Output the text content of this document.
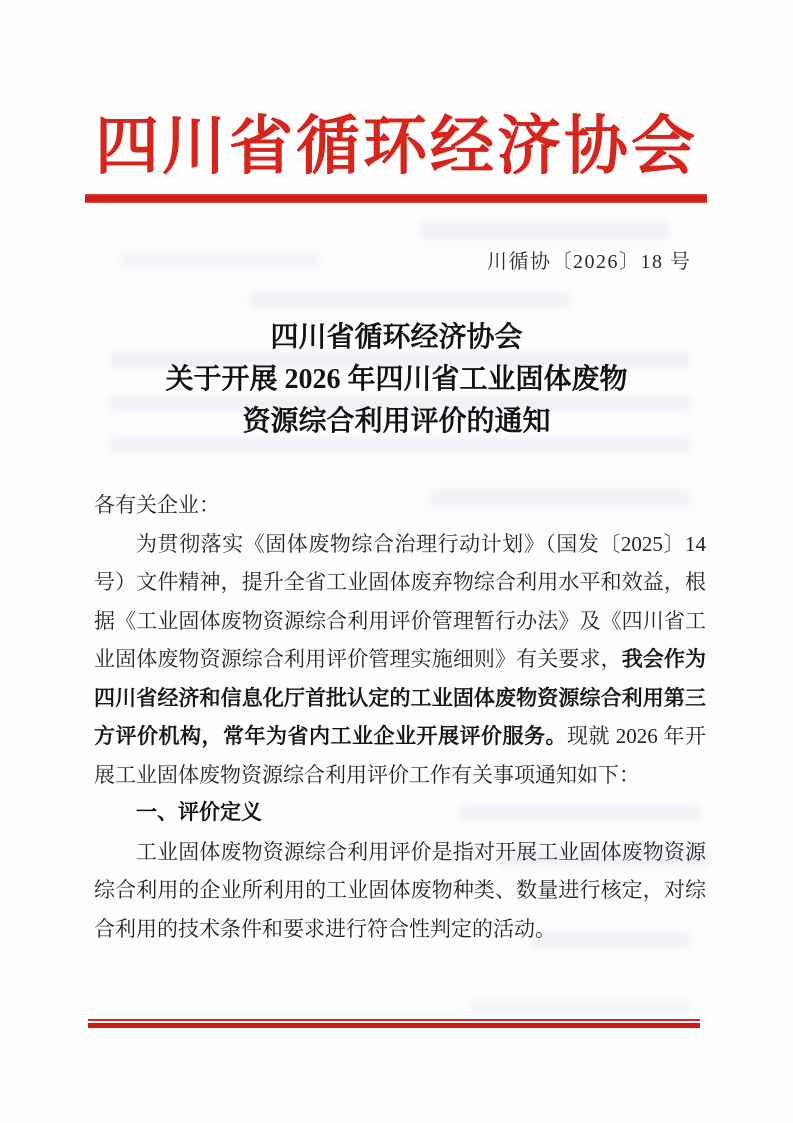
四川省循环经济协会
川循协〔2026〕18 号
四川省循环经济协会
关于开展 2026 年四川省工业固体废物
资源综合利用评价的通知

各有关企业：

为贯彻落实《固体废物综合治理行动计划》（国发〔2025〕14 号）文件精神，提升全省工业固体废弃物综合利用水平和效益，根据《工业固体废物资源综合利用评价管理暂行办法》及《四川省工业固体废物资源综合利用评价管理实施细则》有关要求，我会作为四川省经济和信息化厅首批认定的工业固体废物资源综合利用第三方评价机构，常年为省内工业企业开展评价服务。现就 2026 年开展工业固体废物资源综合利用评价工作有关事项通知如下：

一、评价定义

工业固体废物资源综合利用评价是指对开展工业固体废物资源综合利用的企业所利用的工业固体废物种类、数量进行核定，对综合利用的技术条件和要求进行符合性判定的活动。
